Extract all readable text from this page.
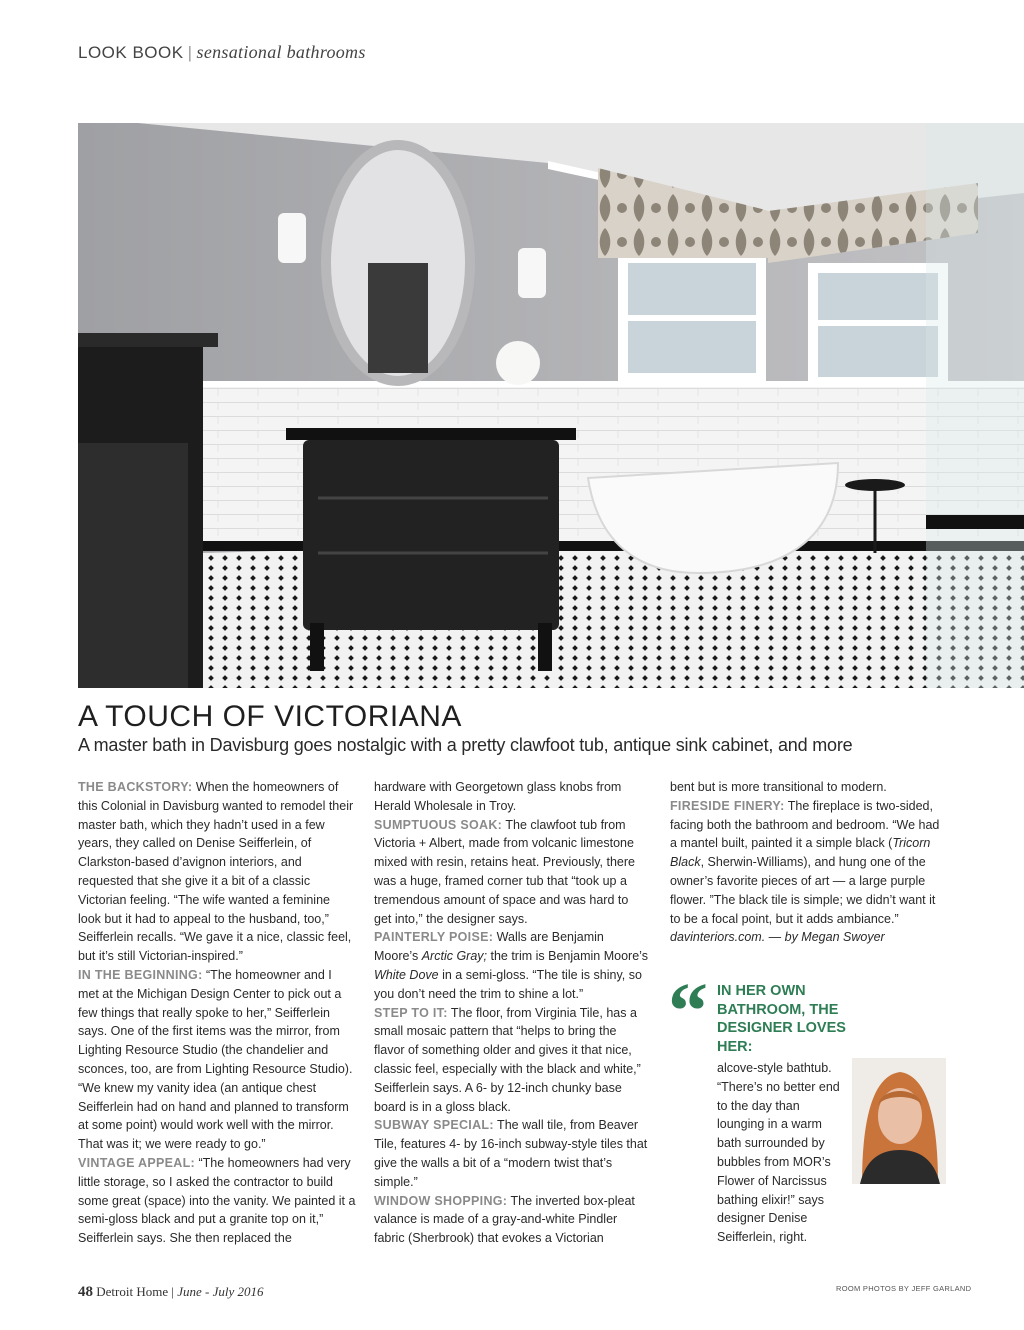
LOOK BOOK | sensational bathrooms
A TOUCH OF VICTORIANA

A master bath in Davisburg goes nostalgic with a pretty clawfoot tub, antique sink cabinet, and more

THE BACKSTORY: When the homeowners of this Colonial in Davisburg wanted to remodel their master bath, which they hadn’t used in a few years, they called on Denise Seifferlein, of Clarkston-based d’avignon interiors, and requested that she give it a bit of a classic Victorian feeling. “The wife wanted a feminine look but it had to appeal to the husband, too,” Seifferlein recalls. “We gave it a nice, classic feel, but it’s still Victorian-inspired.”

IN THE BEGINNING: “The homeowner and I met at the Michigan Design Center to pick out a few things that really spoke to her,” Seifferlein says. One of the first items was the mirror, from Lighting Resource Studio (the chandelier and sconces, too, are from Lighting Resource Studio). “We knew my vanity idea (an antique chest Seifferlein had on hand and planned to transform at some point) would work well with the mirror. That was it; we were ready to go.”

VINTAGE APPEAL: “The homeowners had very little storage, so I asked the contractor to build some great (space) into the vanity. We painted it a semi-gloss black and put a granite top on it,” Seifferlein says. She then replaced the

hardware with Georgetown glass knobs from Herald Wholesale in Troy.

SUMPTUOUS SOAK: The clawfoot tub from Victoria + Albert, made from volcanic limestone mixed with resin, retains heat. Previously, there was a huge, framed corner tub that “took up a tremendous amount of space and was hard to get into,” the designer says.

PAINTERLY POISE: Walls are Benjamin Moore’s Arctic Gray; the trim is Benjamin Moore’s White Dove in a semi-gloss. “The tile is shiny, so you don’t need the trim to shine a lot.”

STEP TO IT: The floor, from Virginia Tile, has a small mosaic pattern that “helps to bring the flavor of something older and gives it that nice, classic feel, especially with the black and white,” Seifferlein says. A 6- by 12-inch chunky base board is in a gloss black.

SUBWAY SPECIAL: The wall tile, from Beaver Tile, features 4- by 16-inch subway-style tiles that give the walls a bit of a “modern twist that’s simple.”

WINDOW SHOPPING: The inverted box-pleat valance is made of a gray-and-white Pindler fabric (Sherbrook) that evokes a Victorian

bent but is more transitional to modern.

FIRESIDE FINERY: The fireplace is two-sided, facing both the bathroom and bedroom. “We had a mantel built, painted it a simple black (Tricorn Black, Sherwin-Williams), and hung one of the owner’s favorite pieces of art — a large purple flower. ”The black tile is simple; we didn’t want it to be a focal point, but it adds ambiance.” davinteriors.com. — by Megan Swoyer

“ IN HER OWN BATHROOM, THE DESIGNER LOVES HER:
alcove-style bathtub. “There’s no better end to the day than lounging in a warm bath surrounded by bubbles from MOR’s Flower of Narcissus bathing elixir!” says designer Denise Seifferlein, right.
48 Detroit Home | June - July 2016	ROOM PHOTOS BY JEFF GARLAND
